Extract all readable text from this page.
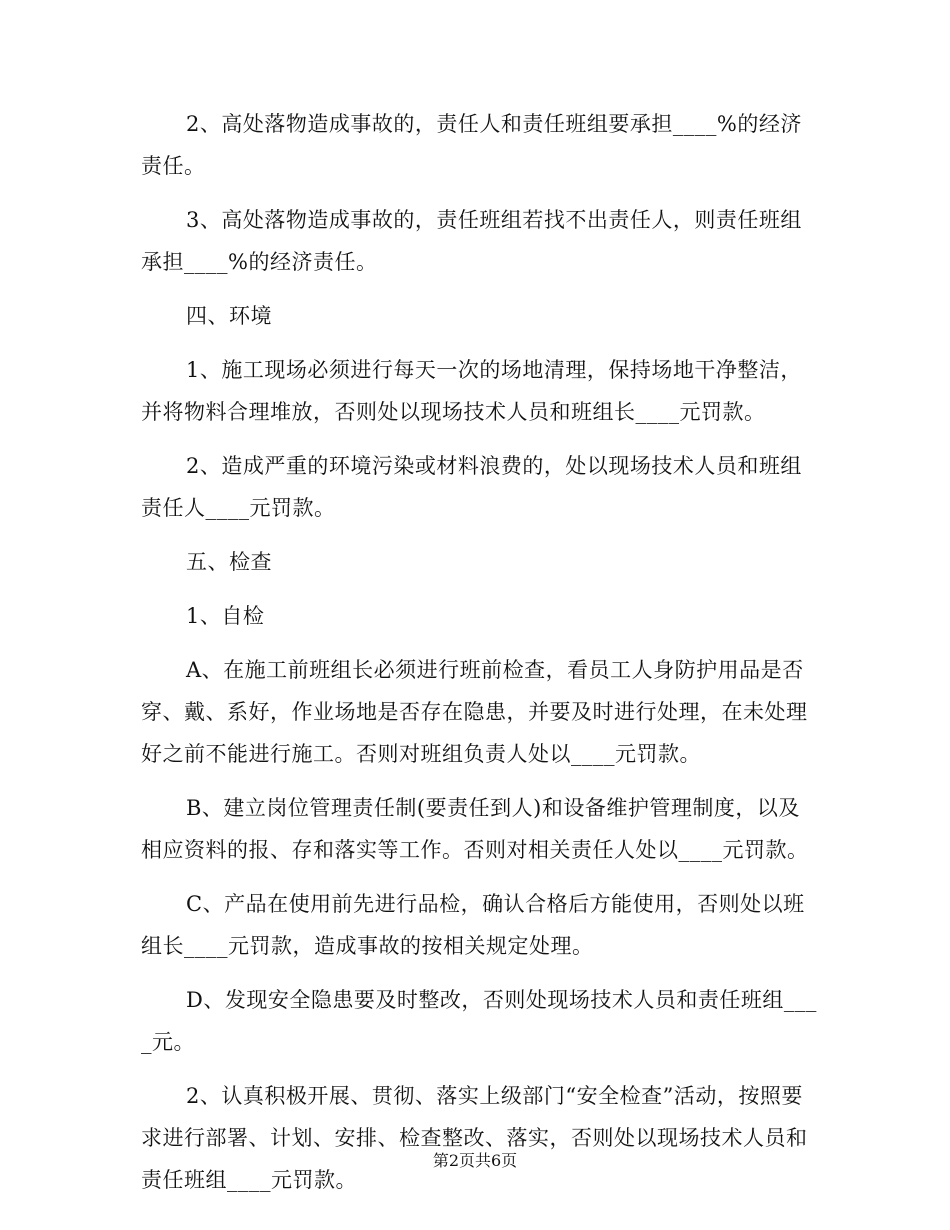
2、高处落物造成事故的，责任人和责任班组要承担____%的经济责任。

3、高处落物造成事故的，责任班组若找不出责任人，则责任班组承担____%的经济责任。

四、环境

1、施工现场必须进行每天一次的场地清理，保持场地干净整洁，并将物料合理堆放，否则处以现场技术人员和班组长____元罚款。

2、造成严重的环境污染或材料浪费的，处以现场技术人员和班组责任人____元罚款。

五、检查

1、自检

A、在施工前班组长必须进行班前检查，看员工人身防护用品是否穿、戴、系好，作业场地是否存在隐患，并要及时进行处理，在未处理好之前不能进行施工。否则对班组负责人处以____元罚款。

B、建立岗位管理责任制(要责任到人)和设备维护管理制度，以及相应资料的报、存和落实等工作。否则对相关责任人处以____元罚款。

C、产品在使用前先进行品检，确认合格后方能使用，否则处以班组长____元罚款，造成事故的按相关规定处理。

D、发现安全隐患要及时整改，否则处现场技术人员和责任班组____元。

2、认真积极开展、贯彻、落实上级部门“安全检查”活动，按照要求进行部署、计划、安排、检查整改、落实，否则处以现场技术人员和责任班组____元罚款。

第2页共6页
